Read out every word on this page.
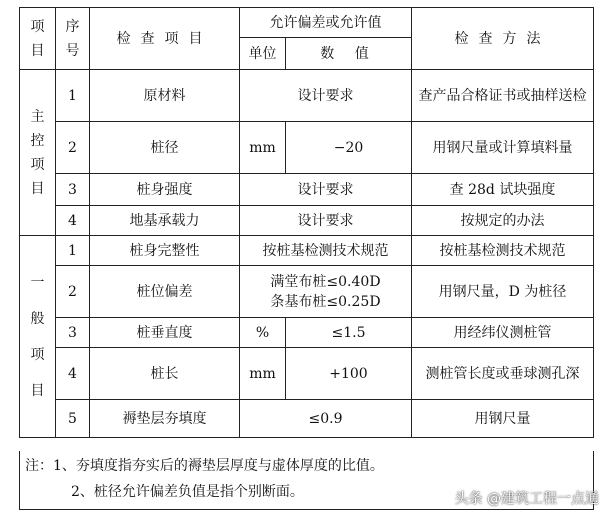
项
目	序
号	检查项目	允许偏差或允许值		检查方法
			单位	数 值	

主
控
项
目	1	原材料	设计要求		查产品合格证书或抽样送检
	2	桩径	mm	−20	用钢尺量或计算填料量
	3	桩身强度	设计要求		查 28d 试块强度
	4	地基承载力	设计要求		按规定的办法

一
般
项
目	1	桩身完整性	按桩基检测技术规范		按桩基检测技术规范
	2	桩位偏差	满堂布桩≤0.40D
条基布桩≤0.25D		用钢尺量，D 为桩径
	3	桩垂直度	%	≤1.5	用经纬仪测桩管
	4	桩长	mm	+100	测桩管长度或垂球测孔深
	5	褥垫层夯填度	≤0.9		用钢尺量
注：1、夯填度指夯实后的褥垫层厚度与虚体厚度的比值。
2、桩径允许偏差负值是指个别断面。	头条 @建筑工程一点通
